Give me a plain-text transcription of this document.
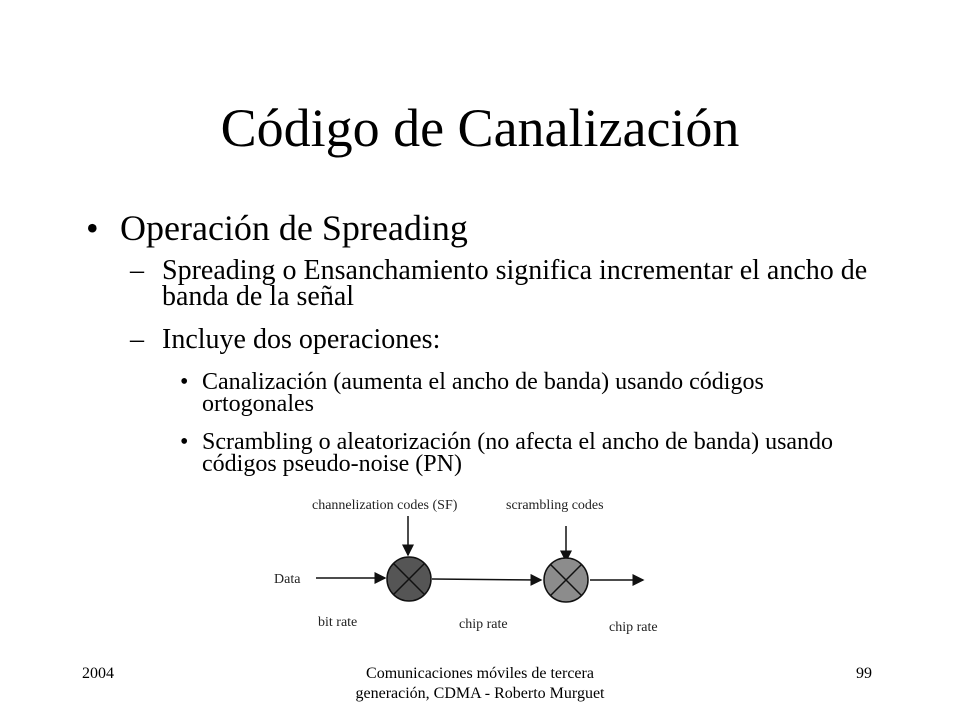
Código de Canalización
• Operación de Spreading
– Spreading o Ensanchamiento significa incrementar el ancho de banda de la señal
– Incluye dos operaciones:
• Canalización (aumenta el ancho de banda) usando códigos ortogonales
• Scrambling o aleatorización (no afecta el ancho de banda) usando códigos pseudo-noise (PN)
channelization codes (SF)	scrambling codes
Data
bit rate	chip rate	chip rate
2004	Comunicaciones móviles de tercera generación, CDMA - Roberto Murguet
99
